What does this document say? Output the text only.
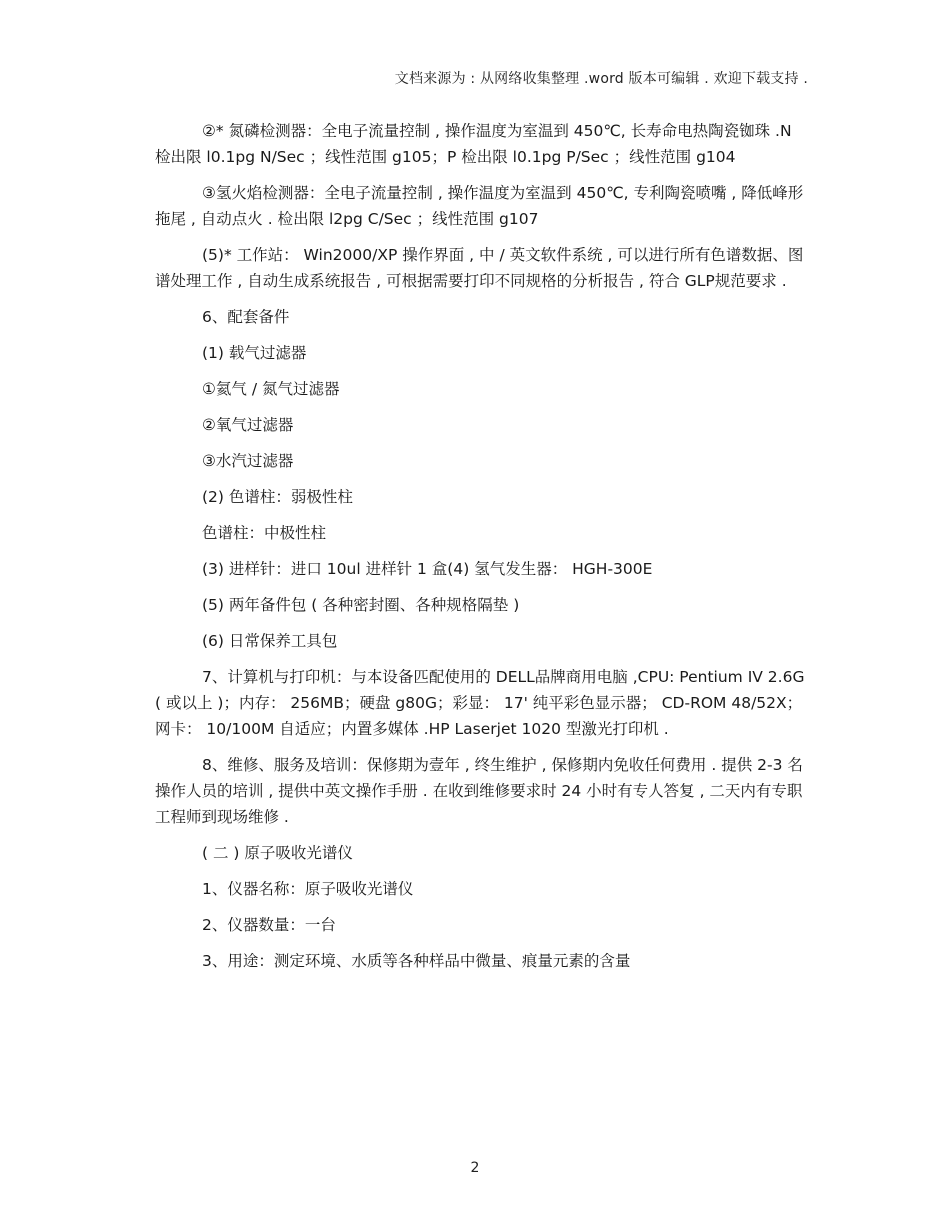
文档来源为 : 从网络收集整理 .word 版本可编辑 . 欢迎下载支持 .

②* 氮磷检测器：全电子流量控制 , 操作温度为室温到 450℃, 长寿命电热陶瓷铷珠 .N 检出限 l0.1pg N/Sec ；线性范围 g105；P 检出限 l0.1pg P/Sec ；线性范围 g104

③氢火焰检测器：全电子流量控制 , 操作温度为室温到 450℃, 专利陶瓷喷嘴 , 降低峰形拖尾 , 自动点火 . 检出限 l2pg C/Sec ；线性范围 g107

(5)* 工作站： Win2000/XP 操作界面 , 中 / 英文软件系统 , 可以进行所有色谱数据、图谱处理工作 , 自动生成系统报告 , 可根据需要打印不同规格的分析报告 , 符合 GLP规范要求 .

6、配套备件

(1) 载气过滤器

①氦气 / 氮气过滤器

②氧气过滤器

③水汽过滤器

(2) 色谱柱：弱极性柱

色谱柱：中极性柱

(3) 进样针：进口 10ul 进样针 1 盒(4) 氢气发生器： HGH-300E

(5) 两年备件包 ( 各种密封圈、各种规格隔垫 )

(6) 日常保养工具包

7、计算机与打印机：与本设备匹配使用的 DELL品牌商用电脑 ,CPU: Pentium IV 2.6G( 或以上 )；内存： 256MB；硬盘 g80G；彩显： 17' 纯平彩色显示器； CD-ROM 48/52X；网卡： 10/100M 自适应；内置多媒体 .HP Laserjet 1020 型激光打印机 .

8、维修、服务及培训：保修期为壹年 , 终生维护 , 保修期内免收任何费用 . 提供 2-3 名操作人员的培训 , 提供中英文操作手册 . 在收到维修要求时 24 小时有专人答复 , 二天内有专职工程师到现场维修 .

( 二 ) 原子吸收光谱仪

1、仪器名称：原子吸收光谱仪

2、仪器数量：一台

3、用途：测定环境、水质等各种样品中微量、痕量元素的含量

2
